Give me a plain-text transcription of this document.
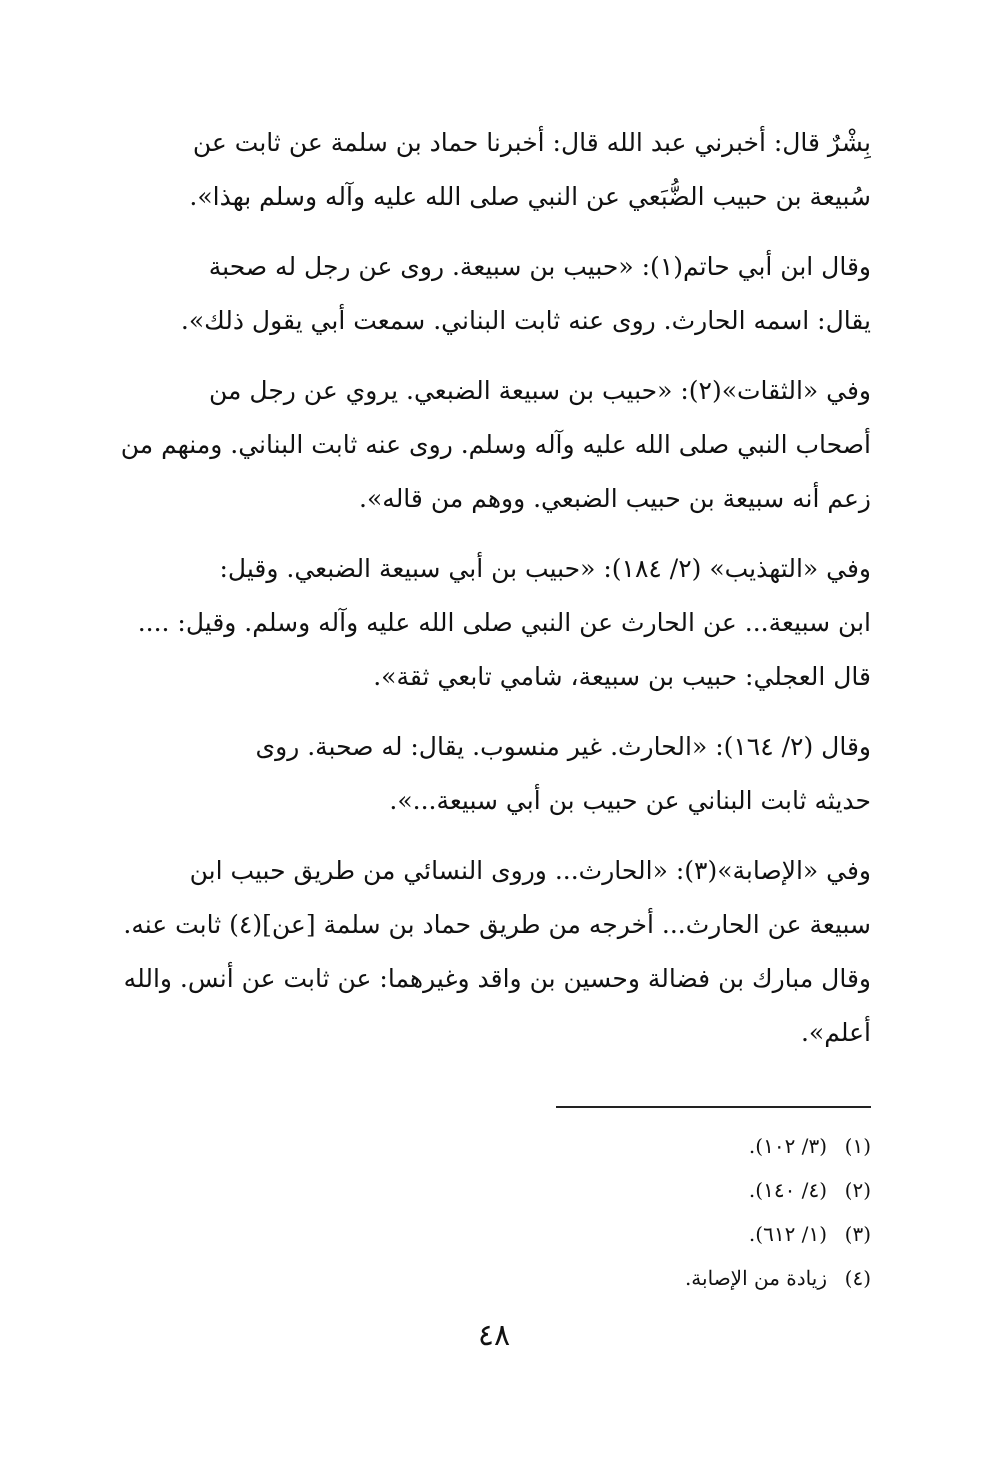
بِشْرٌ قال: أخبرني عبد الله قال: أخبرنا حماد بن سلمة عن ثابت عن
سُبيعة بن حبيب الضُّبَعي عن النبي صلى الله عليه وآله وسلم بهذا».

وقال ابن أبي حاتم(١): «حبيب بن سبيعة. روى عن رجل له صحبة
يقال: اسمه الحارث. روى عنه ثابت البناني. سمعت أبي يقول ذلك».

وفي «الثقات»(٢): «حبيب بن سبيعة الضبعي. يروي عن رجل من
أصحاب النبي صلى الله عليه وآله وسلم. روى عنه ثابت البناني. ومنهم من
زعم أنه سبيعة بن حبيب الضبعي. ووهم من قاله».

وفي «التهذيب» (٢/ ١٨٤): «حبيب بن أبي سبيعة الضبعي. وقيل:
ابن سبيعة... عن الحارث عن النبي صلى الله عليه وآله وسلم. وقيل: ....
قال العجلي: حبيب بن سبيعة، شامي تابعي ثقة».

وقال (٢/ ١٦٤): «الحارث. غير منسوب. يقال: له صحبة. روى
حديثه ثابت البناني عن حبيب بن أبي سبيعة...».

وفي «الإصابة»(٣): «الحارث... وروى النسائي من طريق حبيب ابن
سبيعة عن الحارث... أخرجه من طريق حماد بن سلمة [عن](٤) ثابت عنه.
وقال مبارك بن فضالة وحسين بن واقد وغيرهما: عن ثابت عن أنس. والله
أعلم».

(١)(٣/ ١٠٢).
(٢)(٤/ ١٤٠).
(٣)(١/ ٦١٢).
(٤)زيادة من الإصابة.
٤٨
